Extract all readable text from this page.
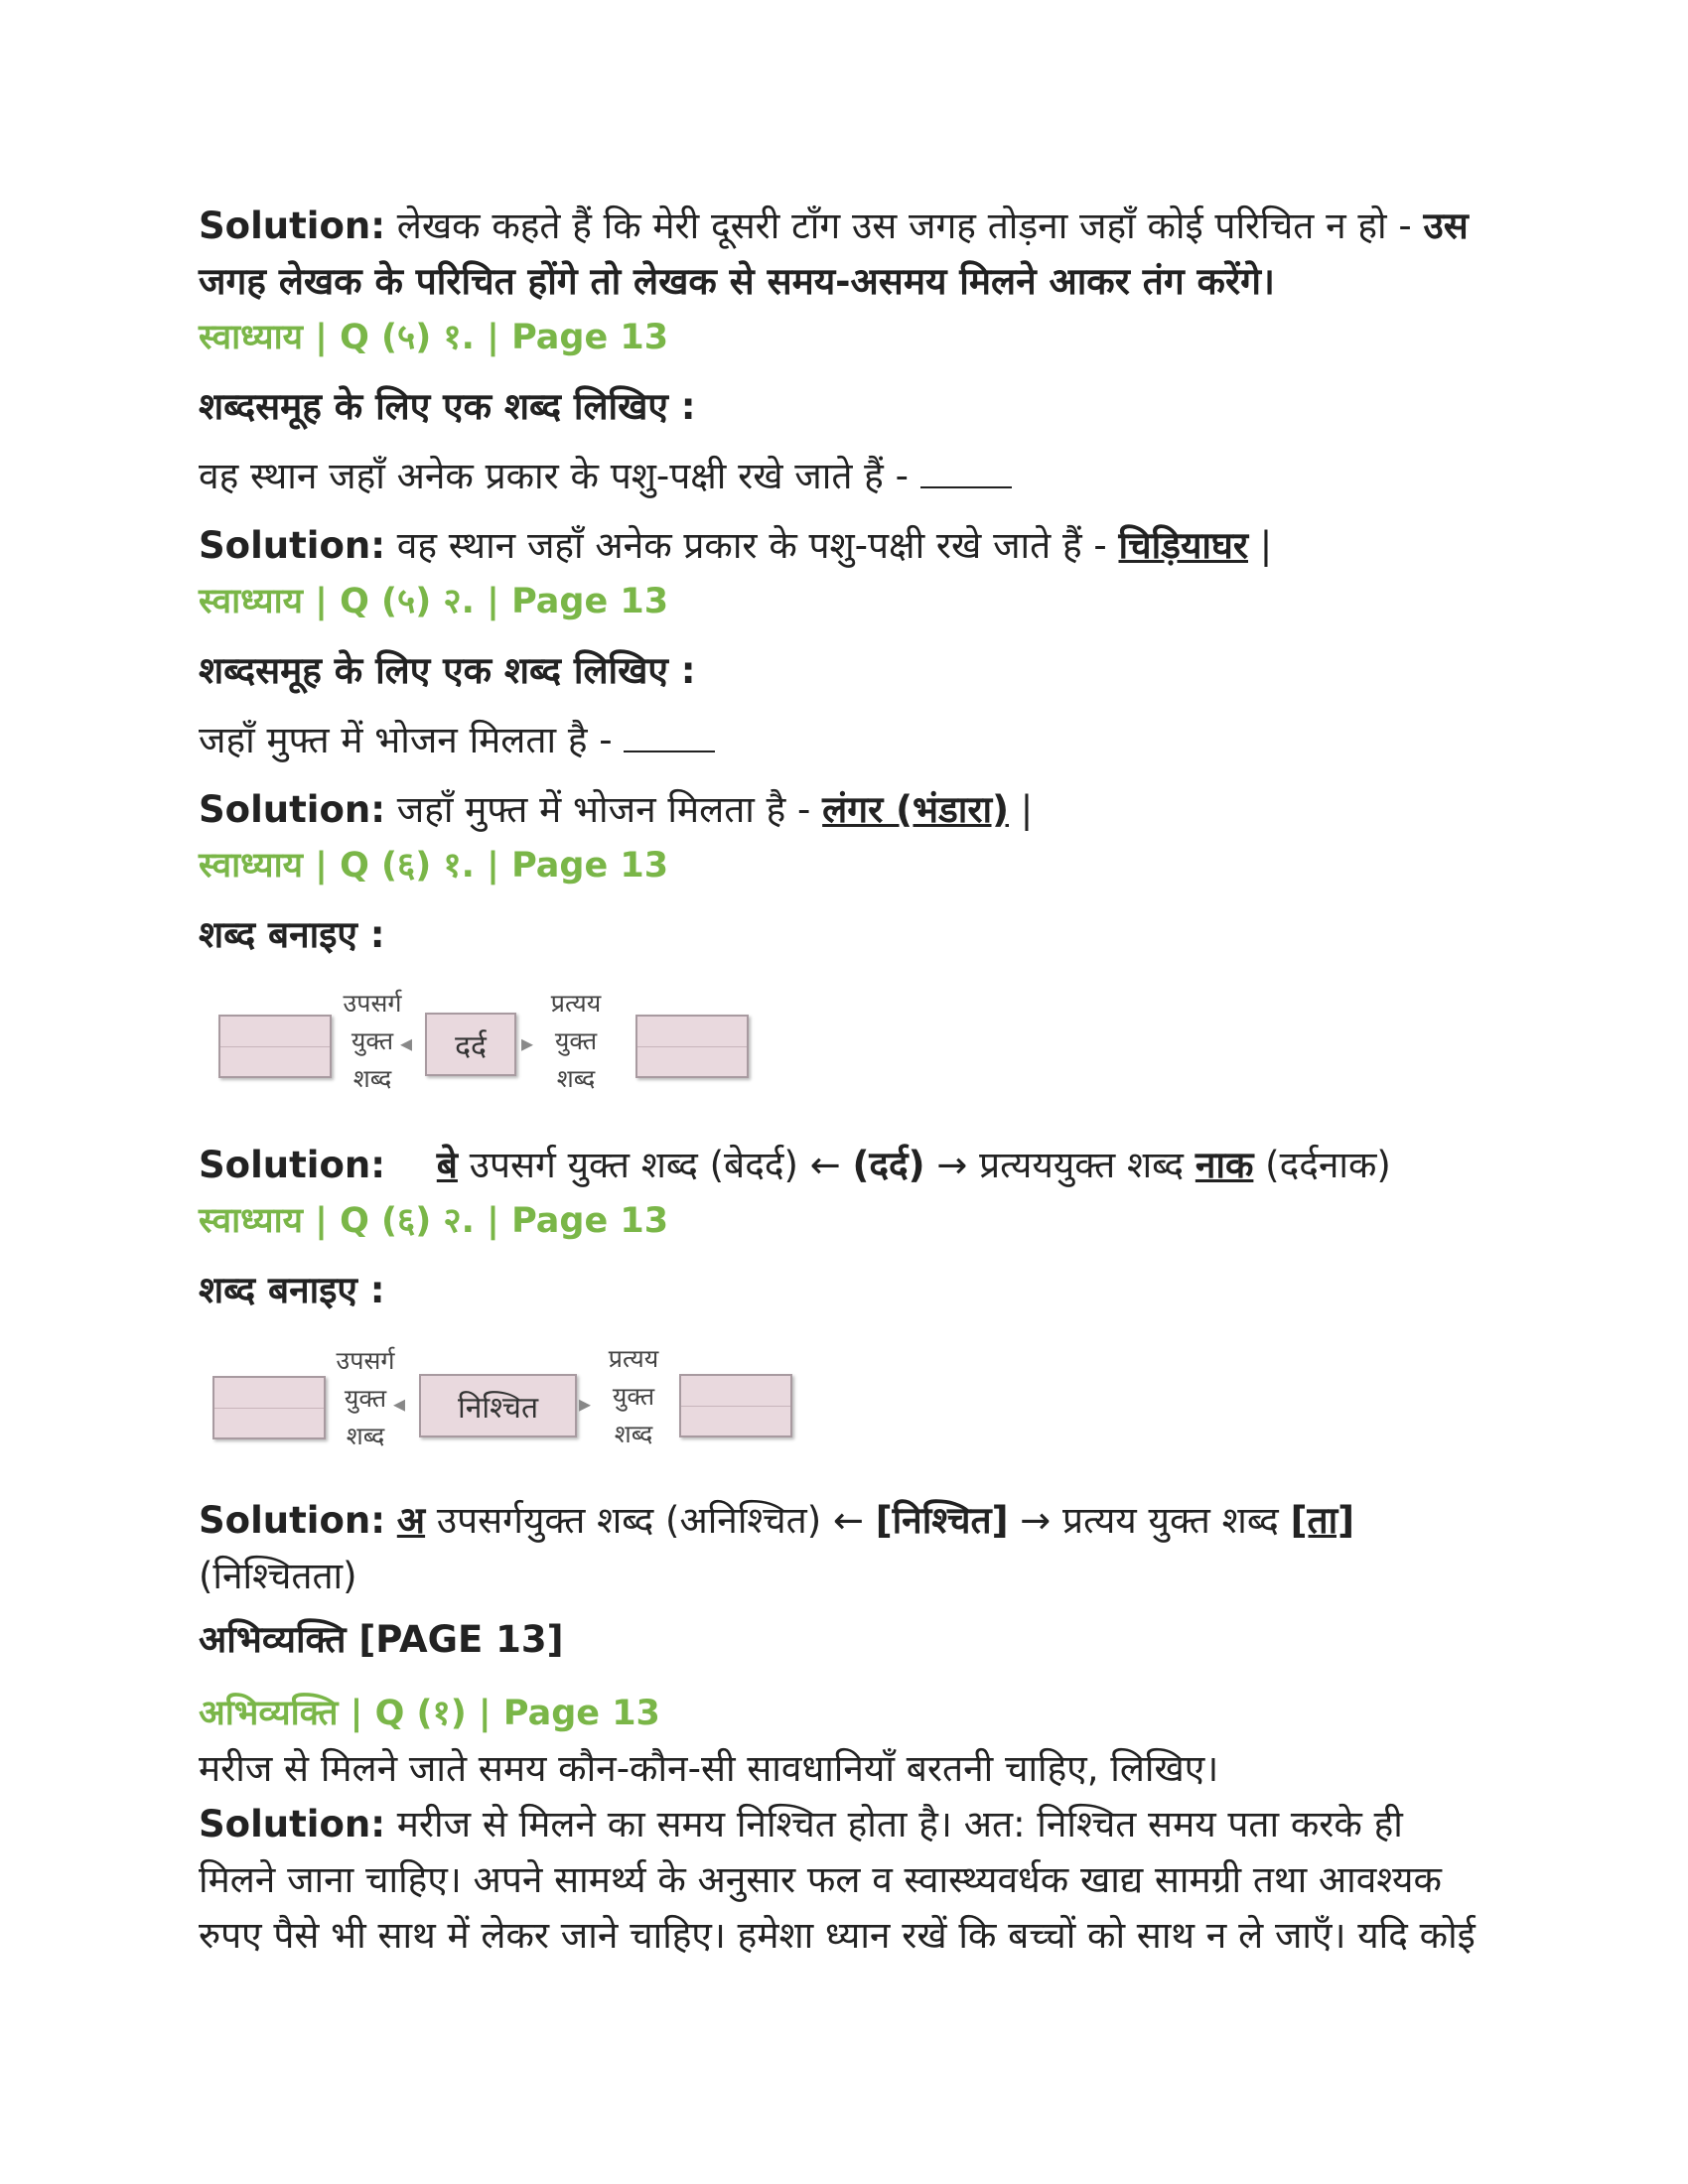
Solution: लेखक कहते हैं कि मेरी दूसरी टाँग उस जगह तोड़ना जहाँ कोई परिचित न हो - उस जगह लेखक के परिचित होंगे तो लेखक से समय-असमय मिलने आकर तंग करेंगे।

स्वाध्याय | Q (५) १. | Page 13

शब्दसमूह के लिए एक शब्द लिखिए :

वह स्थान जहाँ अनेक प्रकार के पशु-पक्षी रखे जाते हैं -

Solution: वह स्थान जहाँ अनेक प्रकार के पशु-पक्षी रखे जाते हैं - चिड़ियाघर |

स्वाध्याय | Q (५) २. | Page 13

शब्दसमूह के लिए एक शब्द लिखिए :

जहाँ मुफ्त में भोजन मिलता है -

Solution: जहाँ मुफ्त में भोजन मिलता है - लंगर (भंडारा) |

स्वाध्याय | Q (६) १. | Page 13

शब्द बनाइए :

उपसर्ग
युक्त
शब्द
◂	दर्द	▸
प्रत्यय
युक्त
शब्द

Solution: बे उपसर्ग युक्त शब्द (बेदर्द) ← (दर्द) → प्रत्यययुक्त शब्द नाक (दर्दनाक)

स्वाध्याय | Q (६) २. | Page 13

शब्द बनाइए :

उपसर्ग
युक्त
शब्द
◂	निश्चित	▸
प्रत्यय
युक्त
शब्द

Solution: अ उपसर्गयुक्त शब्द (अनिश्चित) ← [निश्चित] → प्रत्यय युक्त शब्द [ता] (निश्चितता)

अभिव्यक्ति [PAGE 13]

अभिव्यक्ति | Q (१) | Page 13

मरीज से मिलने जाते समय कौन-कौन-सी सावधानियाँ बरतनी चाहिए, लिखिए।

Solution: मरीज से मिलने का समय निश्चित होता है। अत: निश्चित समय पता करके ही मिलने जाना चाहिए। अपने सामर्थ्य के अनुसार फल व स्वास्थ्यवर्धक खाद्य सामग्री तथा आवश्यक रुपए पैसे भी साथ में लेकर जाने चाहिए। हमेशा ध्यान रखें कि बच्चों को साथ न ले जाएँ। यदि कोई
